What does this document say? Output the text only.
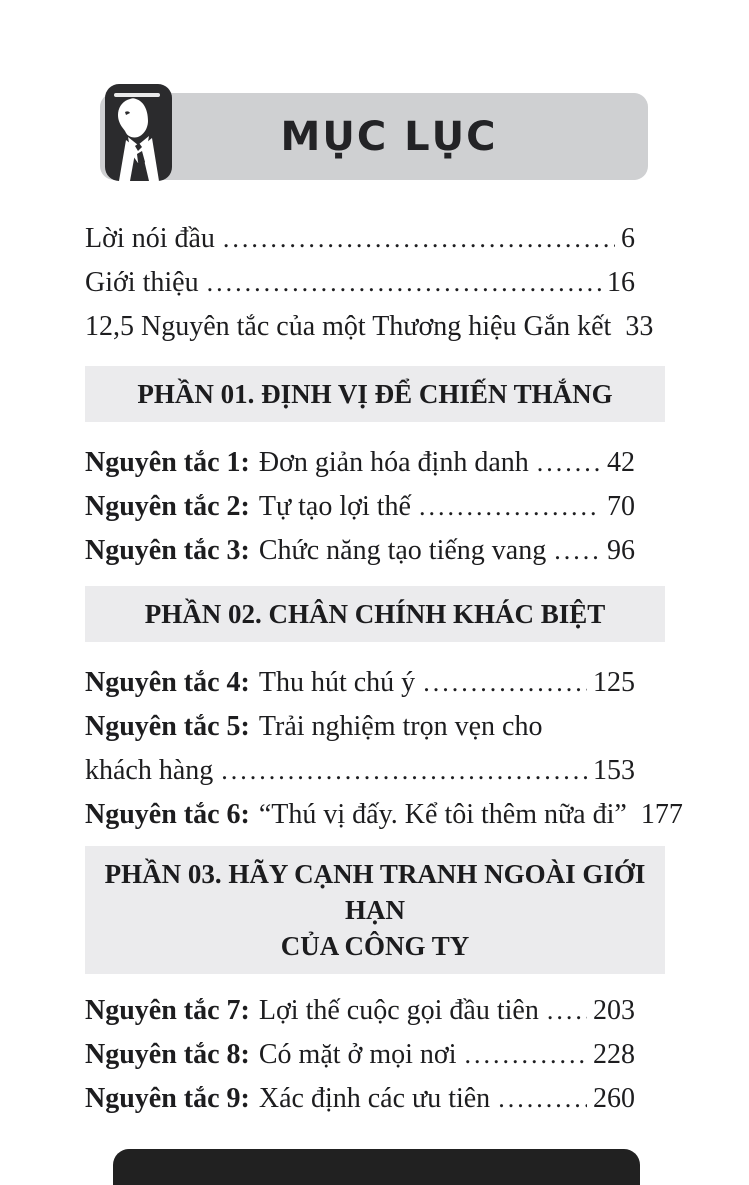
MỤC LỤC
Lời nói đầu .....	6
Giới thiệu .....	16
12,5 Nguyên tắc của một Thương hiệu Gắn kết 33
PHẦN 01. ĐỊNH VỊ ĐỂ CHIẾN THẮNG
Nguyên tắc 1: Đơn giản hóa định danh .....	42
Nguyên tắc 2: Tự tạo lợi thế .....	70
Nguyên tắc 3: Chức năng tạo tiếng vang ..... 96
PHẦN 02. CHÂN CHÍNH KHÁC BIỆT
Nguyên tắc 4: Thu hút chú ý .....	125
Nguyên tắc 5: Trải nghiệm trọn vẹn cho
khách hàng .....	153
Nguyên tắc 6: “Thú vị đấy. Kể tôi thêm nữa đi” 177
PHẦN 03. HÃY CẠNH TRANH NGOÀI GIỚI HẠN
CỦA CÔNG TY
Nguyên tắc 7: Lợi thế cuộc gọi đầu tiên ..... 203
Nguyên tắc 8: Có mặt ở mọi nơi .....	228
Nguyên tắc 9: Xác định các ưu tiên .....	260
